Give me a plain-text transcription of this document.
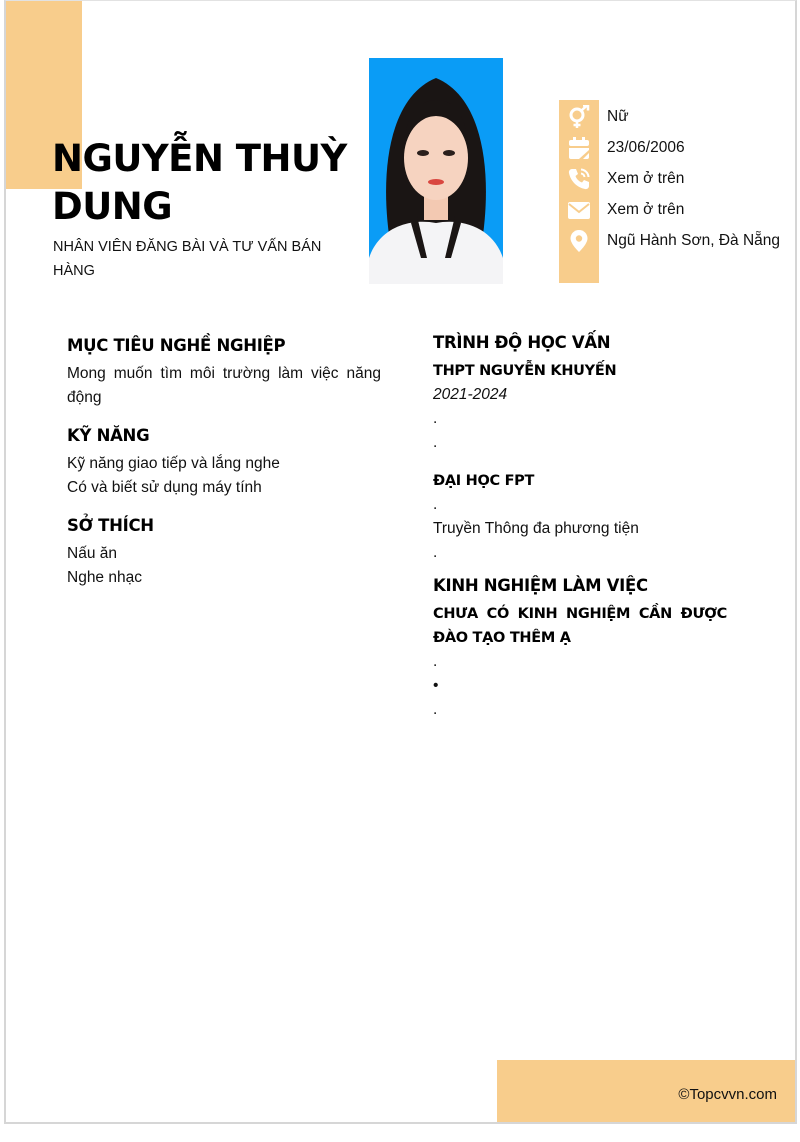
NGUYỄN THUỲ DUNG
NHÂN VIÊN ĐĂNG BÀI VÀ TƯ VẤN BÁN HÀNG
Nữ
23/06/2006
Xem ở trên
Xem ở trên
Ngũ Hành Sơn, Đà Nẵng
MỤC TIÊU NGHỀ NGHIỆP
Mong muốn tìm môi trường làm việc năng động
KỸ NĂNG
Kỹ năng giao tiếp và lắng nghe
Có và biết sử dụng máy tính
SỞ THÍCH
Nấu ăn
Nghe nhạc
TRÌNH ĐỘ HỌC VẤN
THPT NGUYỄN KHUYẾN
2021-2024
.
.
ĐẠI HỌC FPT
.
Truyền Thông đa phương tiện
.
KINH NGHIỆM LÀM VIỆC
CHƯA CÓ KINH NGHIỆM CẦN ĐƯỢC ĐÀO TẠO THÊM Ạ
.
•
.
©Topcvvn.com
